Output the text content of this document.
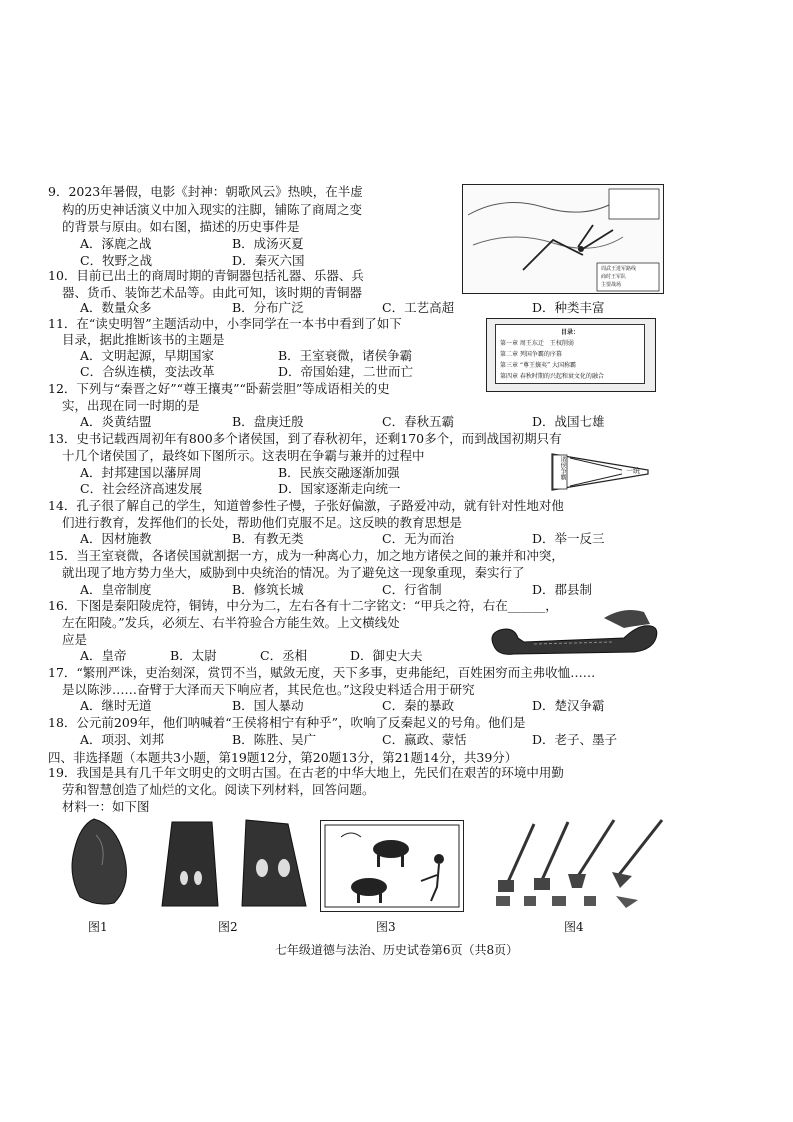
9．2023年暑假，电影《封神：朝歌风云》热映，在半虚
构的历史神话演义中加入现实的注脚，铺陈了商周之变
的背景与原由。如右图，描述的历史事件是
A．涿鹿之战	B．成汤灭夏
C．牧野之战	D．秦灭六国
周武王进军路线
商纣王军队
主要战场
10．目前已出土的商周时期的青铜器包括礼器、乐器、兵
器、货币、装饰艺术品等。由此可知，该时期的青铜器
A．数量众多	B．分布广泛	C．工艺高超	D．种类丰富
11．在“读史明智”主题活动中，小李同学在一本书中看到了如下
目录，据此推断该书的主题是
A．文明起源，早期国家	B．王室衰微，诸侯争霸
C．合纵连横，变法改革	D．帝国始建，二世而亡
目录：
第一章 周王东迁　王权削弱
第二章 列国争霸的序幕
第三章 “尊王攘夷” 大国称霸
第四章 春秋时期的兴起和衰文化的融合
12．下列与“秦晋之好”“尊王攘夷”“卧薪尝胆”等成语相关的史
实，出现在同一时期的是
A．炎黄结盟	B．盘庚迁殷	C．春秋五霸	D．战国七雄
13．史书记载西周初年有800多个诸侯国，到了春秋初年，还剩170多个，而到战国初期只有
十几个诸侯国了，最终如下图所示。这表明在争霸与兼并的过程中
A．封邦建国以藩屏周	B．民族交融逐渐加强
C．社会经济高速发展	D．国家逐渐走向统一
诸侯争霸	一统
14．孔子很了解自己的学生，知道曾参性子慢，子张好偏激，子路爱冲动，就有针对性地对他
们进行教育，发挥他们的长处，帮助他们克服不足。这反映的教育思想是
A．因材施教	B．有教无类	C．无为而治	D．举一反三
15．当王室衰微，各诸侯国就割据一方，成为一种离心力，加之地方诸侯之间的兼并和冲突，
就出现了地方势力坐大，威胁到中央统治的情况。为了避免这一现象重现，秦实行了
A．皇帝制度	B．修筑长城	C．行省制	D．郡县制
16．下图是秦阳陵虎符，铜铸，中分为二，左右各有十二字铭文：“甲兵之符，右在______，
左在阳陵。”发兵，必须左、右半符验合方能生效。上文横线处
应是
A．皇帝	B．太尉	C．丞相	D．御史大夫
17．“繁刑严诛，吏治刻深，赏罚不当，赋敛无度，天下多事，吏弗能纪，百姓困穷而主弗收恤……
是以陈涉……奋臂于大泽而天下响应者，其民危也。”这段史料适合用于研究
A．继时无道	B．国人暴动	C．秦的暴政	D．楚汉争霸
18．公元前209年，他们呐喊着“王侯将相宁有种乎”，吹响了反秦起义的号角。他们是
A．项羽、刘邦	B．陈胜、吴广	C．嬴政、蒙恬	D．老子、墨子
四、非选择题（本题共3小题，第19题12分，第20题13分，第21题14分，共39分）
19．我国是具有几千年文明史的文明古国。在古老的中华大地上，先民们在艰苦的环境中用勤
劳和智慧创造了灿烂的文化。阅读下列材料，回答问题。
材料一：如下图
图1	图2	图3	图4
七年级道德与法治、历史试卷第6页（共8页）
